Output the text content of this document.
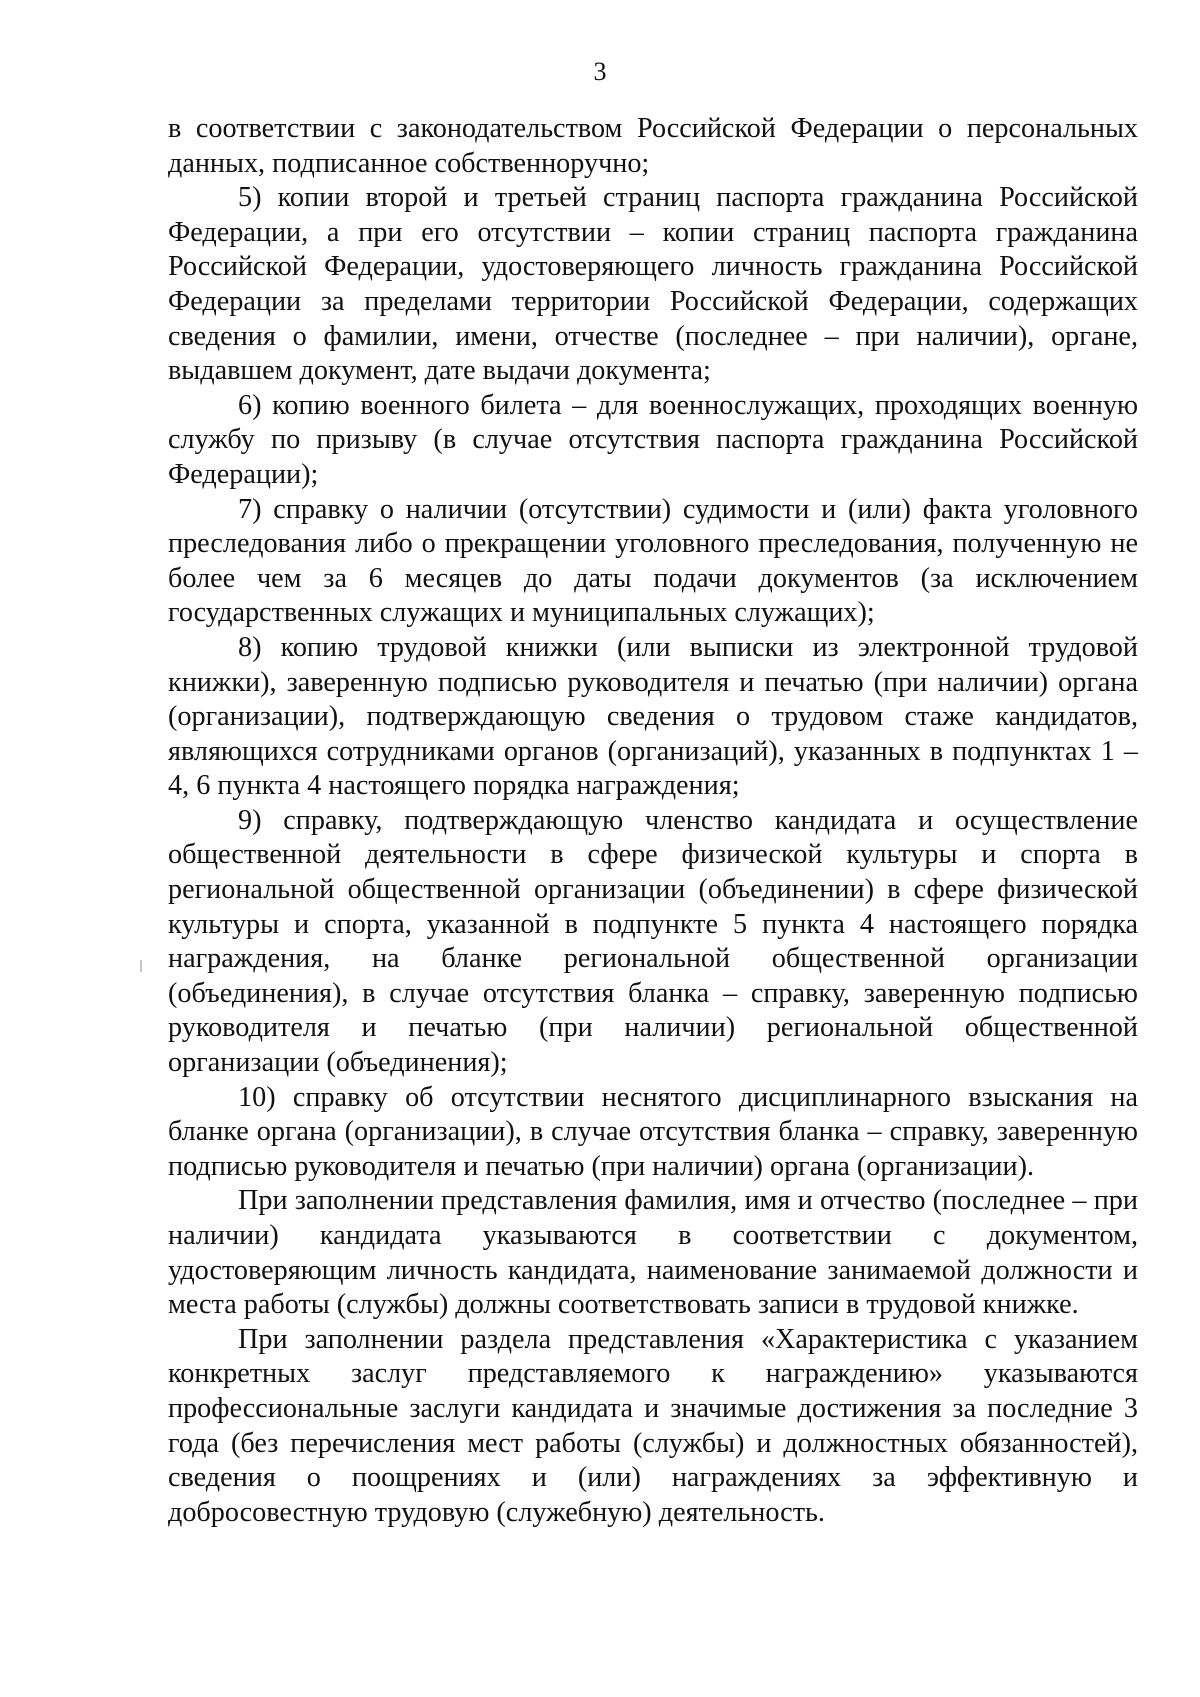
3

в соответствии с законодательством Российской Федерации о персональных данных, подписанное собственноручно;

5) копии второй и третьей страниц паспорта гражданина Российской Федерации, а при его отсутствии – копии страниц паспорта гражданина Российской Федерации, удостоверяющего личность гражданина Российской Федерации за пределами территории Российской Федерации, содержащих сведения о фамилии, имени, отчестве (последнее – при наличии), органе, выдавшем документ, дате выдачи документа;

6) копию военного билета – для военнослужащих, проходящих военную службу по призыву (в случае отсутствия паспорта гражданина Российской Федерации);

7) справку о наличии (отсутствии) судимости и (или) факта уголовного преследования либо о прекращении уголовного преследования, полученную не более чем за 6 месяцев до даты подачи документов (за исключением государственных служащих и муниципальных служащих);

8) копию трудовой книжки (или выписки из электронной трудовой книжки), заверенную подписью руководителя и печатью (при наличии) органа (организации), подтверждающую сведения о трудовом стаже кандидатов, являющихся сотрудниками органов (организаций), указанных в подпунктах 1 – 4, 6 пункта 4 настоящего порядка награждения;

9) справку, подтверждающую членство кандидата и осуществление общественной деятельности в сфере физической культуры и спорта в региональной общественной организации (объединении) в сфере физической культуры и спорта, указанной в подпункте 5 пункта 4 настоящего порядка награждения, на бланке региональной общественной организации (объединения), в случае отсутствия бланка – справку, заверенную подписью руководителя и печатью (при наличии) региональной общественной организации (объединения);

10) справку об отсутствии неснятого дисциплинарного взыскания на бланке органа (организации), в случае отсутствия бланка – справку, заверенную подписью руководителя и печатью (при наличии) органа (организации).

При заполнении представления фамилия, имя и отчество (последнее – при наличии) кандидата указываются в соответствии с документом, удостоверяющим личность кандидата, наименование занимаемой должности и места работы (службы) должны соответствовать записи в трудовой книжке.

При заполнении раздела представления «Характеристика с указанием конкретных заслуг представляемого к награждению» указываются профессиональные заслуги кандидата и значимые достижения за последние 3 года (без перечисления мест работы (службы) и должностных обязанностей), сведения о поощрениях и (или) награждениях за эффективную и добросовестную трудовую (служебную) деятельность.
